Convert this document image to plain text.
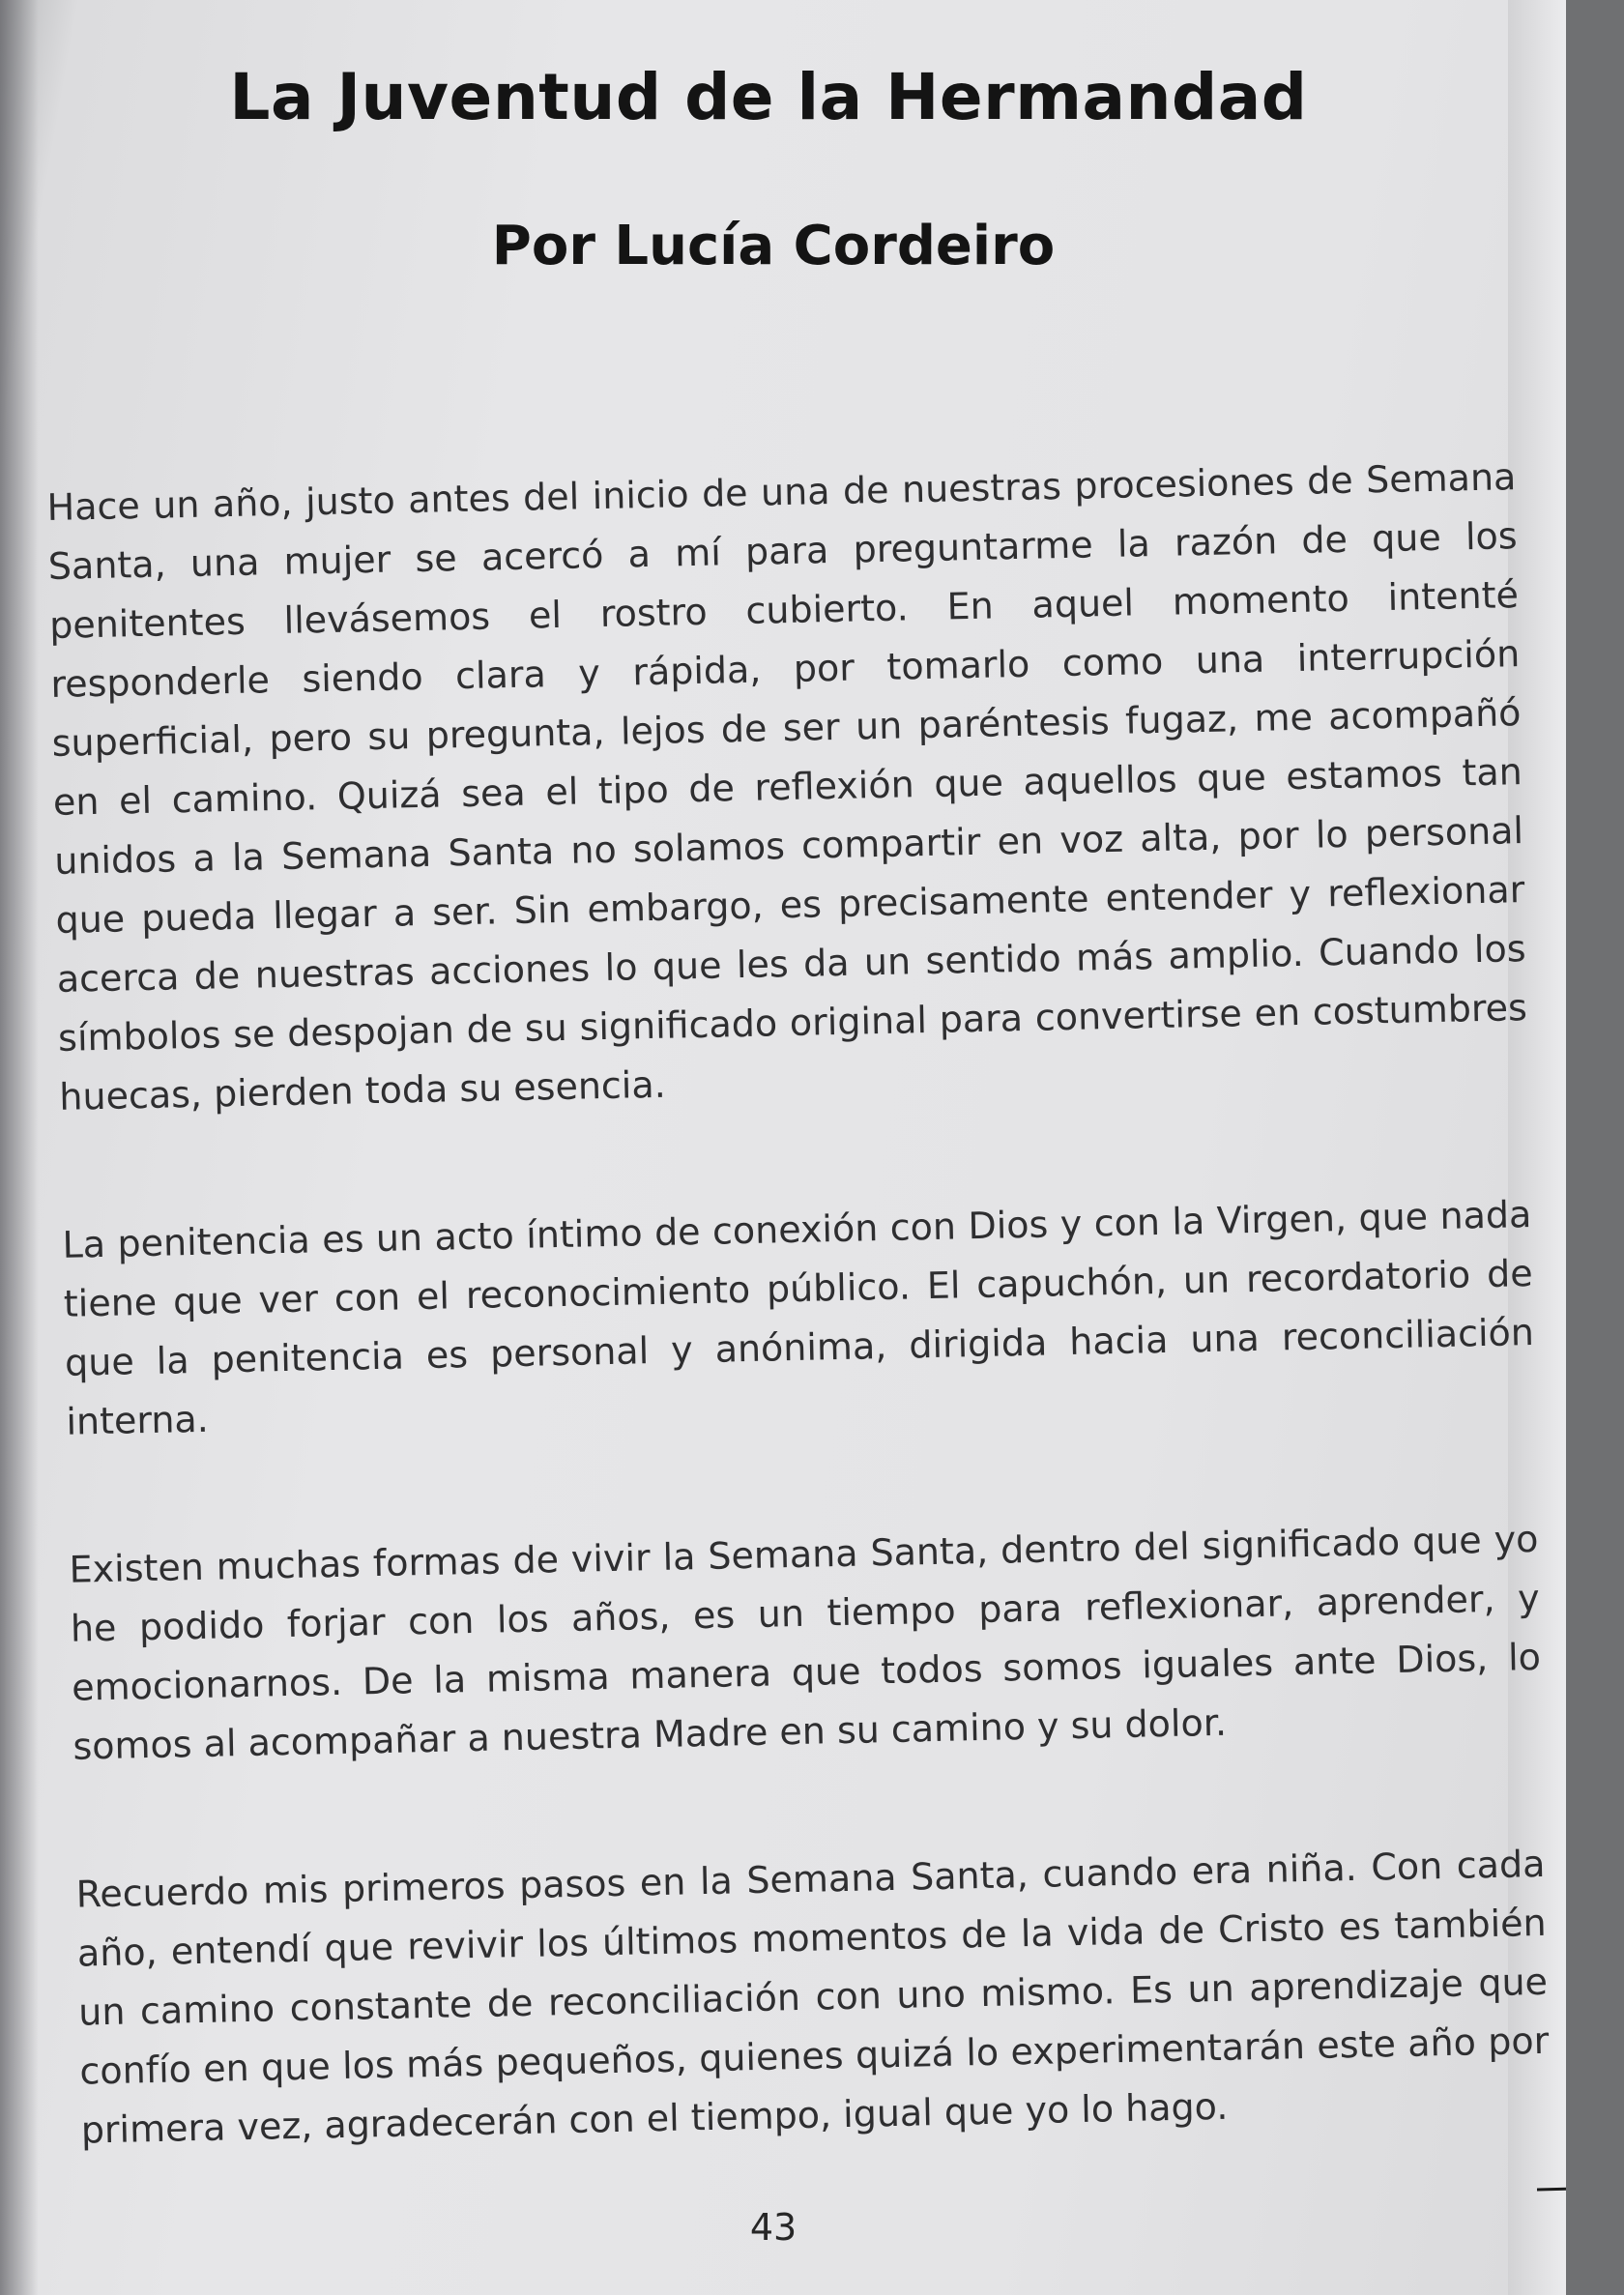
La Juventud de la Hermandad
Por Lucía Cordeiro

Hace un año, justo antes del inicio de una de nuestras procesiones de Semana Santa, una mujer se acercó a mí para preguntarme la razón de que los penitentes llevásemos el rostro cubierto. En aquel momento intenté responderle siendo clara y rápida, por tomarlo como una interrupción superficial, pero su pregunta, lejos de ser un paréntesis fugaz, me acompañó en el camino. Quizá sea el tipo de reflexión que aquellos que estamos tan unidos a la Semana Santa no solamos compartir en voz alta, por lo personal que pueda llegar a ser. Sin embargo, es precisamente entender y reflexionar acerca de nuestras acciones lo que les da un sentido más amplio. Cuando los símbolos se despojan de su significado original para convertirse en costumbres huecas, pierden toda su esencia.

La penitencia es un acto íntimo de conexión con Dios y con la Virgen, que nada tiene que ver con el reconocimiento público. El capuchón, un recordatorio de que la penitencia es personal y anónima, dirigida hacia una reconciliación interna.

Existen muchas formas de vivir la Semana Santa, dentro del significado que yo he podido forjar con los años, es un tiempo para reflexionar, aprender, y emocionarnos. De la misma manera que todos somos iguales ante Dios, lo somos al acompañar a nuestra Madre en su camino y su dolor.

Recuerdo mis primeros pasos en la Semana Santa, cuando era niña. Con cada año, entendí que revivir los últimos momentos de la vida de Cristo es también un camino constante de reconciliación con uno mismo. Es un aprendizaje que confío en que los más pequeños, quienes quizá lo experimentarán este año por primera vez, agradecerán con el tiempo, igual que yo lo hago.

43
